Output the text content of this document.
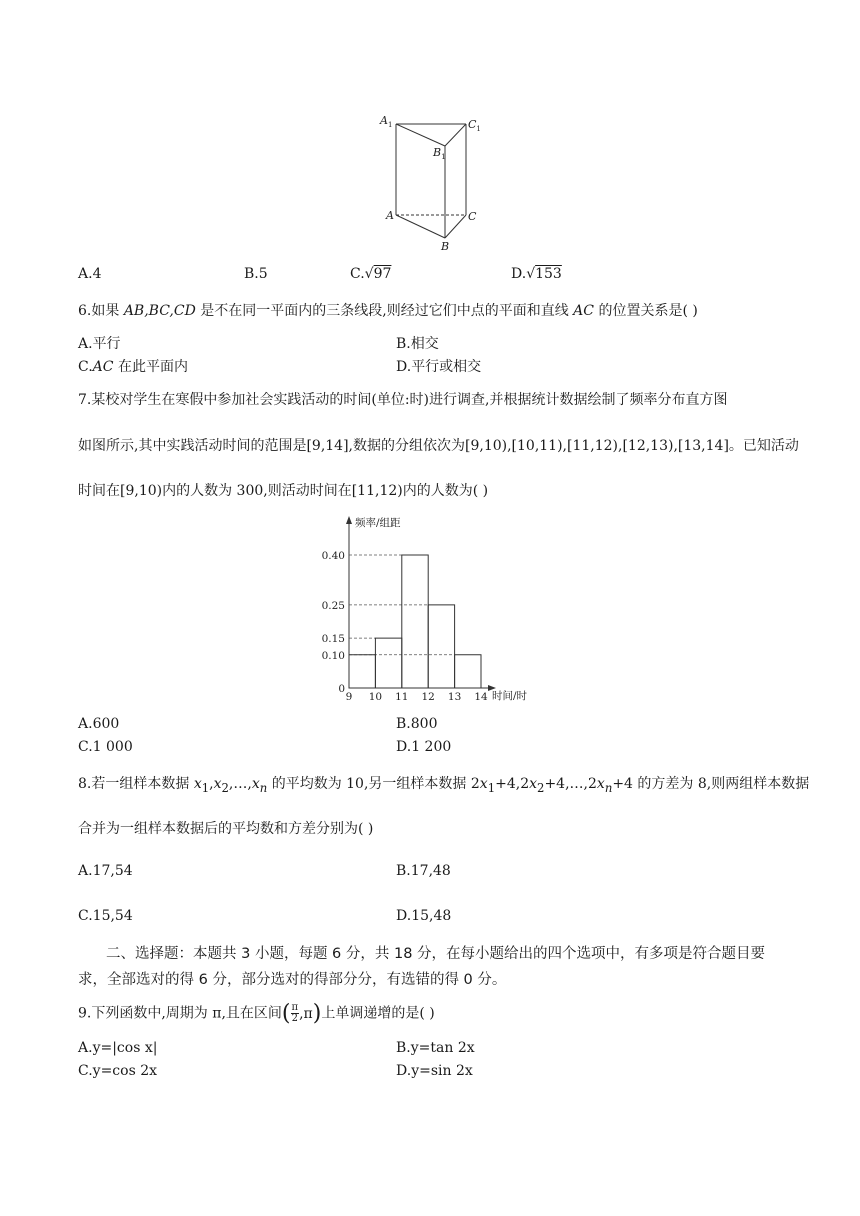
$A_1$	$C_1$
$B_1$
A	C
B
A.4	B.5	C.√97	D.√153
6.如果 AB,BC,CD 是不在同一平面内的三条线段,则经过它们中点的平面和直线 AC 的位置关系是( )
A.平行	B.相交
C.AC 在此平面内	D.平行或相交
7.某校对学生在寒假中参加社会实践活动的时间(单位:时)进行调查,并根据统计数据绘制了频率分布直方图
如图所示,其中实践活动时间的范围是[9,14],数据的分组依次为[9,10),[10,11),[11,12),[12,13),[13,14]。已知活动
时间在[9,10)内的人数为 300,则活动时间在[11,12)内的人数为( )
频率/组距
时间/时
9 10 11 12 13 14
0
0.10
0.15
0.25
0.40
A.600	B.800
C.1 000	D.1 200
8.若一组样本数据 $x_1,x_2,\dots,x_n$ 的平均数为 10,另一组样本数据 $2x_1+4,2x_2+4,\dots,2x_n+4$ 的方差为 8,则两组样本数据
合并为一组样本数据后的平均数和方差分别为( )
A.17,54	B.17,48
C.15,54	D.15,48
二、选择题：本题共 3 小题，每题 6 分，共 18 分，在每小题给出的四个选项中，有多项是符合题目要求，全部选对的得 6 分，部分选对的得部分分，有选错的得 0 分。
9.下列函数中,周期为 π,且在区间 ( π
2 , π ) 上单调递增的是( )
A.y=|cos x|	B.y=tan 2x
C.y=cos 2x	D.y=sin 2x
